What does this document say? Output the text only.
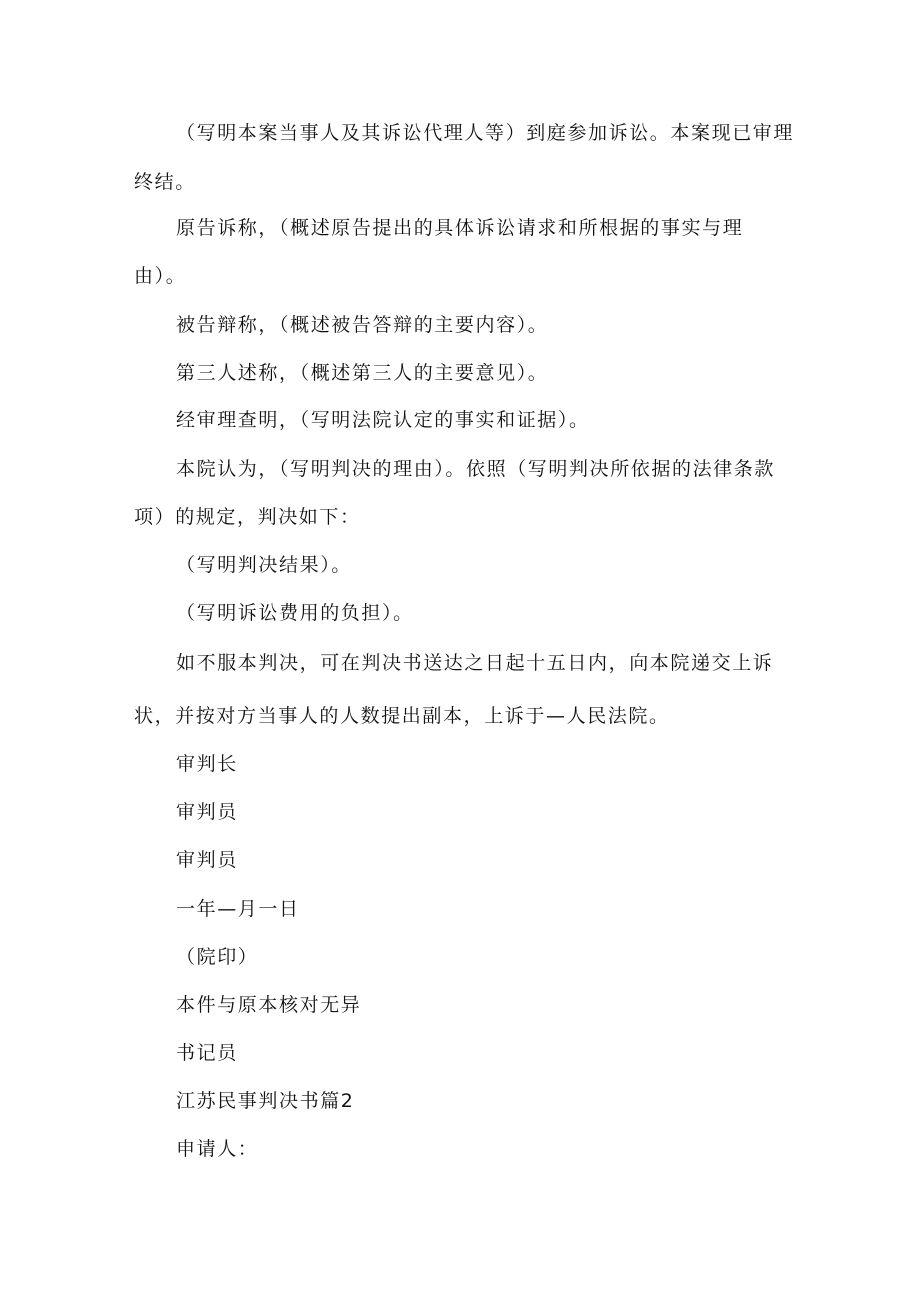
（写明本案当事人及其诉讼代理人等）到庭参加诉讼。本案现已审理
终结。
原告诉称，（概述原告提出的具体诉讼请求和所根据的事实与理
由）。
被告辩称，（概述被告答辩的主要内容）。
第三人述称，（概述第三人的主要意见）。
经审理查明，（写明法院认定的事实和证据）。
本院认为，（写明判决的理由）。依照（写明判决所依据的法律条款
项）的规定，判决如下：
（写明判决结果）。
（写明诉讼费用的负担）。
如不服本判决，可在判决书送达之日起十五日内，向本院递交上诉
状，并按对方当事人的人数提出副本，上诉于—人民法院。
审判长
审判员
审判员
一年—月一日
（院印）
本件与原本核对无异
书记员
江苏民事判决书篇2
申请人：
